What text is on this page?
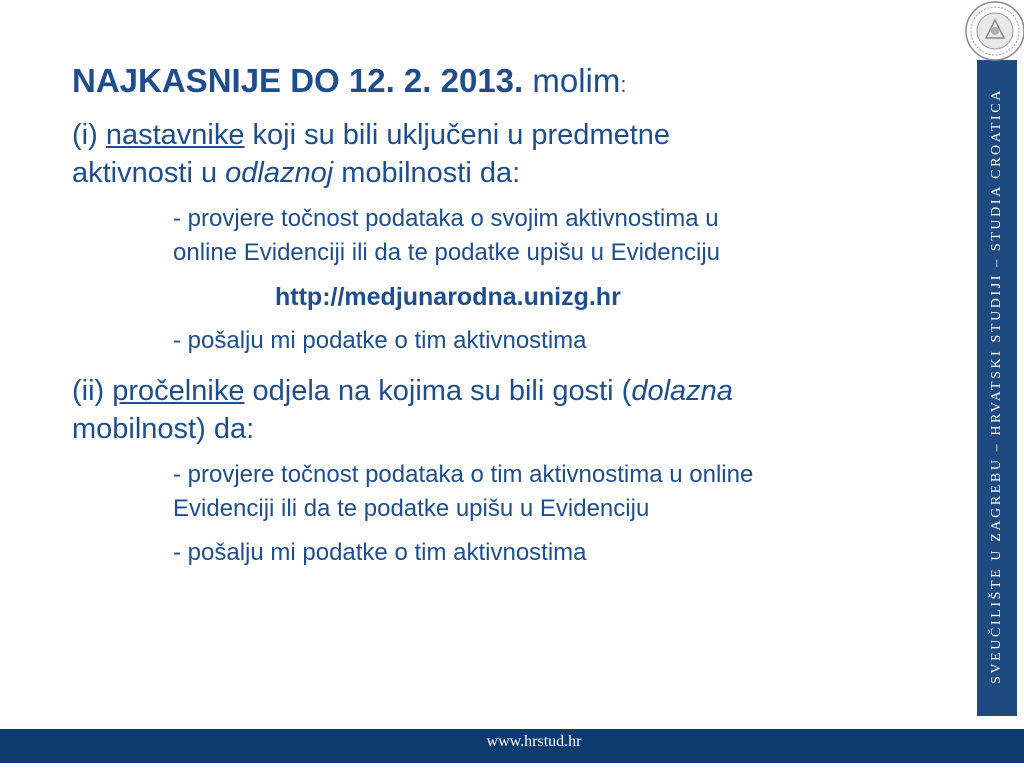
NAJKASNIJE DO 12. 2. 2013. molim:

(i) nastavnike koji su bili uključeni u predmetne

aktivnosti u odlaznoj mobilnosti da:

- provjere točnost podataka o svojim aktivnostima u

online Evidenciji ili da te podatke upišu u Evidenciju

http://medjunarodna.unizg.hr

- pošalju mi podatke o tim aktivnostima

(ii) pročelnike odjela na kojima su bili gosti (dolazna

mobilnost) da:

- provjere točnost podataka o tim aktivnostima u online

Evidenciji ili da te podatke upišu u Evidenciju

- pošalju mi podatke o tim aktivnostima	SVEUČILIŠTE U ZAGREBU – HRVATSKI STUDIJI – STUDIA CROATICA
www.hrstud.hr
